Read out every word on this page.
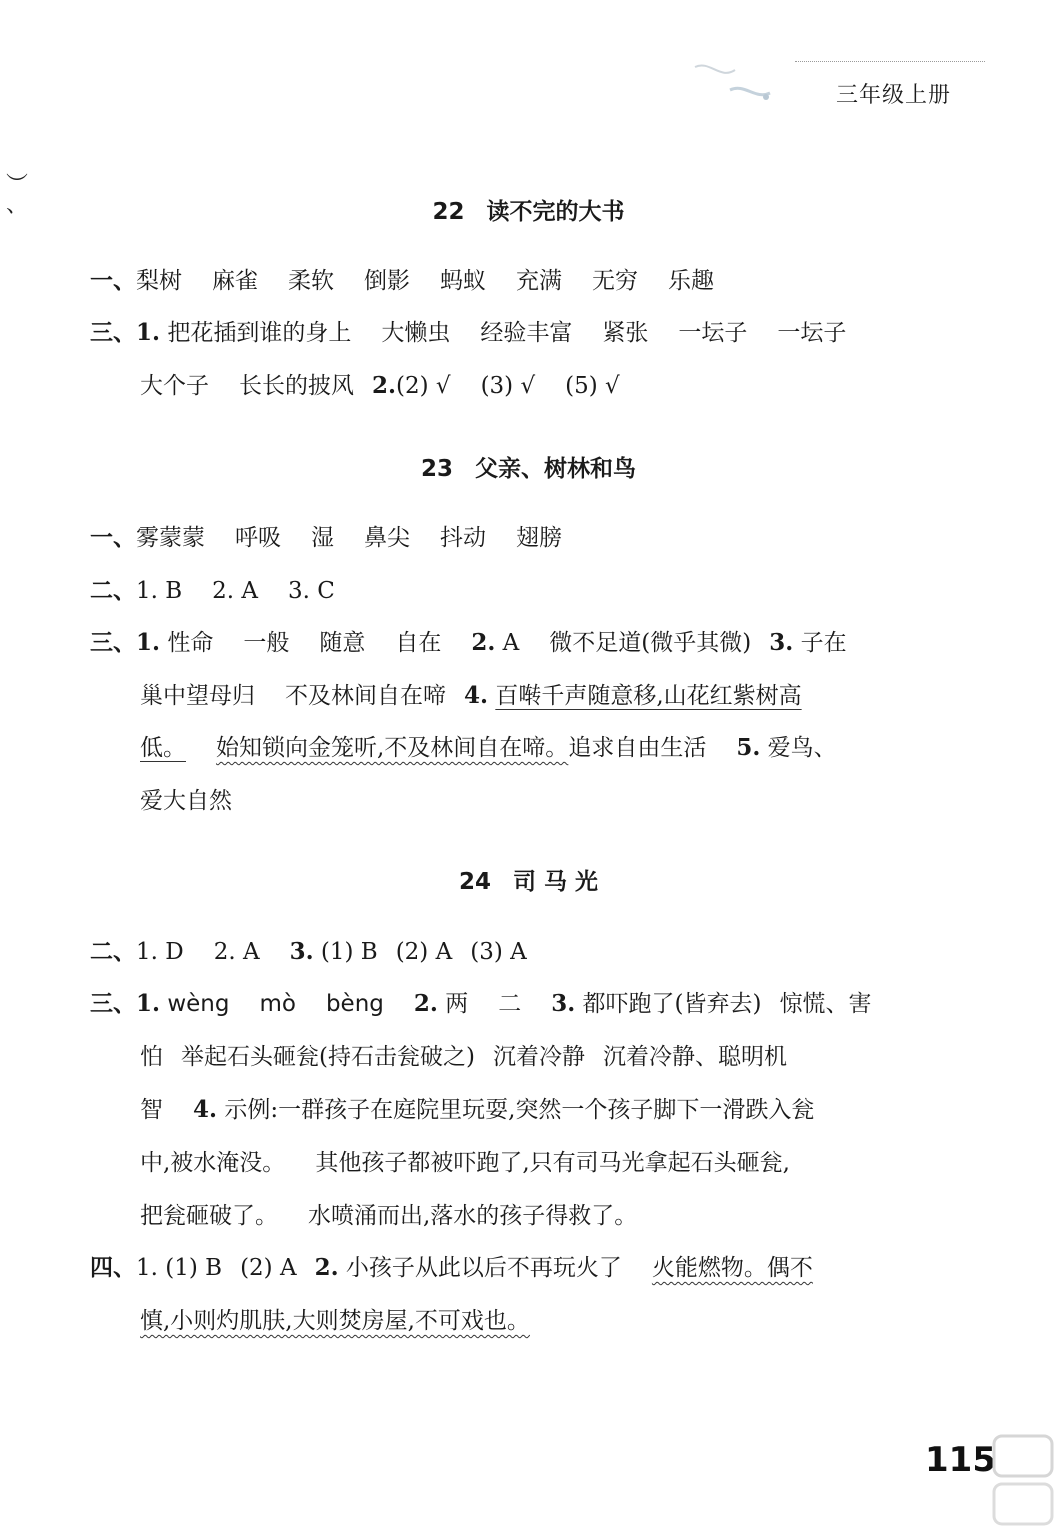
三年级上册
︶
、	22 读不完的大书
一、梨树 麻雀 柔软 倒影 蚂蚁 充满 无穷 乐趣
三、1. 把花插到谁的身上 大懒虫 经验丰富 紧张 一坛子 一坛子
大个子 长长的披风 2.(2) √ (3) √ (5) √
23 父亲、树林和鸟
一、雾蒙蒙 呼吸 湿 鼻尖 抖动 翅膀
二、1. B 2. A 3. C
三、1. 性命 一般 随意 自在 2. A 微不足道(微乎其微) 3. 子在
巢中望母归 不及林间自在啼 4. 百啭千声随意移,山花红紫树高
低。 始知锁向金笼听,不及林间自在啼。追求自由生活 5. 爱鸟、
爱大自然
24 司 马 光
二、1. D 2. A 3. (1) B (2) A (3) A
三、1. wèng mò bèng 2. 两 二 3. 都吓跑了(皆弃去) 惊慌、害
怕 举起石头砸瓮(持石击瓮破之) 沉着冷静 沉着冷静、聪明机
智 4. 示例:一群孩子在庭院里玩耍,突然一个孩子脚下一滑跌入瓮
中,被水淹没。 其他孩子都被吓跑了,只有司马光拿起石头砸瓮,
把瓮砸破了。 水喷涌而出,落水的孩子得救了。
四、1. (1) B (2) A 2. 小孩子从此以后不再玩火了 火能燃物。偶不
慎,小则灼肌肤,大则焚房屋,不可戏也。
115
